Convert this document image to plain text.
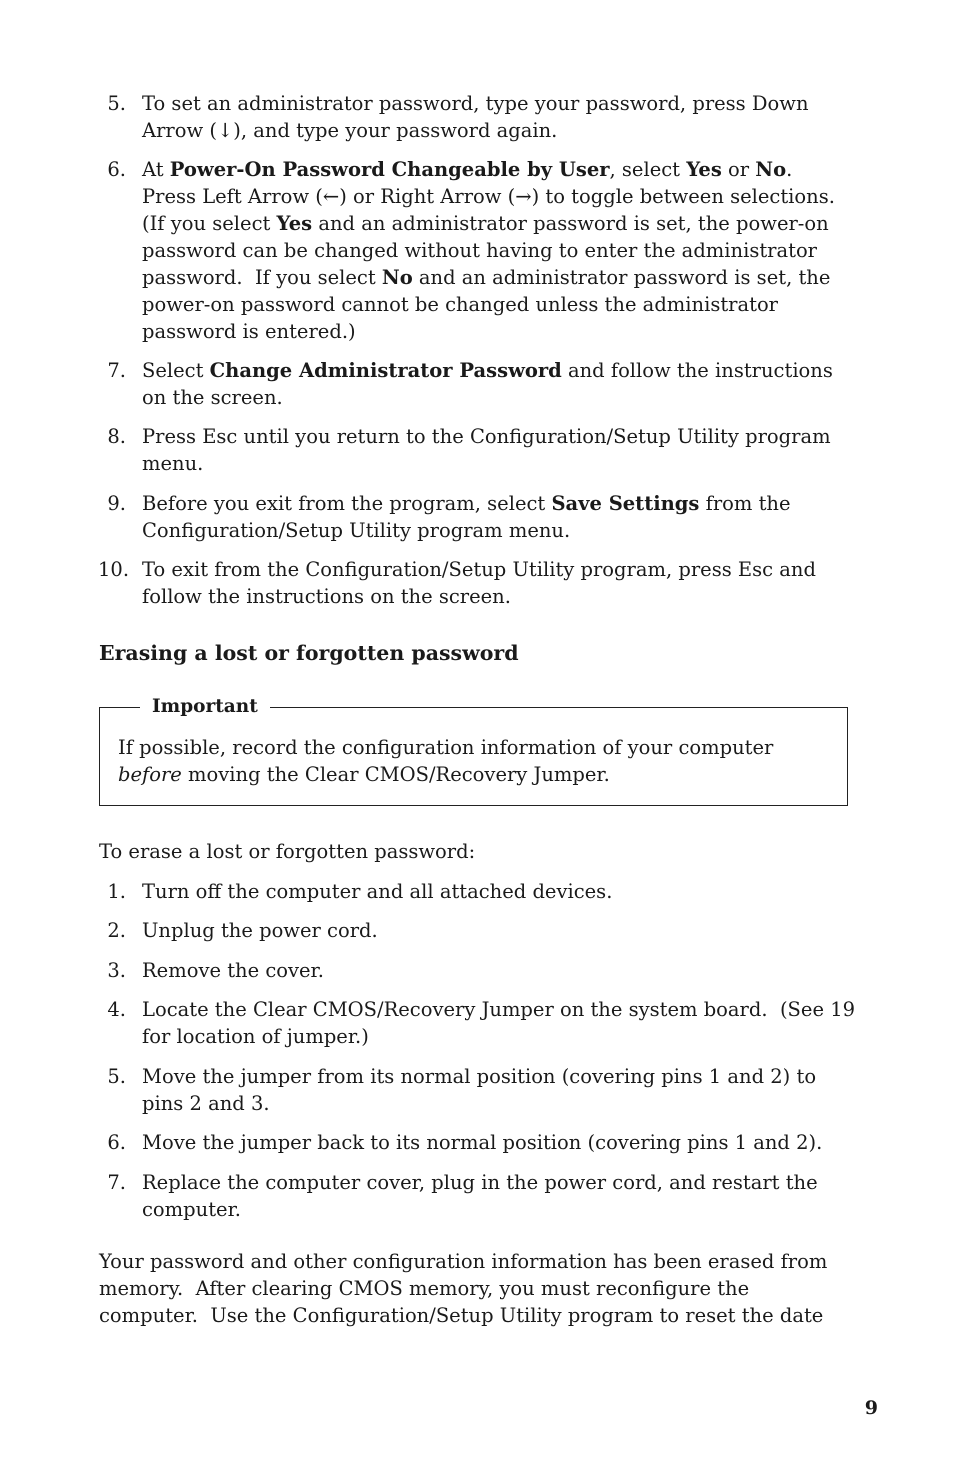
5. To set an administrator password, type your password, press Down Arrow (↓), and type your password again.
6. At Power-On Password Changeable by User, select Yes or No.  Press Left Arrow (←) or Right Arrow (→) to toggle between selections.  (If you select Yes and an administrator password is set, the power-on password can be changed without having to enter the administrator password.  If you select No and an administrator password is set, the power-on password cannot be changed unless the administrator password is entered.)
7. Select Change Administrator Password and follow the instructions on the screen.
8. Press Esc until you return to the Configuration/Setup Utility program menu.
9. Before you exit from the program, select Save Settings from the Configuration/Setup Utility program menu.
10. To exit from the Configuration/Setup Utility program, press Esc and follow the instructions on the screen.
Erasing a lost or forgotten password
Important
If possible, record the configuration information of your computer before moving the Clear CMOS/Recovery Jumper.
To erase a lost or forgotten password:
1. Turn off the computer and all attached devices.
2. Unplug the power cord.
3. Remove the cover.
4. Locate the Clear CMOS/Recovery Jumper on the system board.  (See 19 for location of jumper.)
5. Move the jumper from its normal position (covering pins 1 and 2) to pins 2 and 3.
6. Move the jumper back to its normal position (covering pins 1 and 2).
7. Replace the computer cover, plug in the power cord, and restart the computer.
Your password and other configuration information has been erased from memory.  After clearing CMOS memory, you must reconfigure the computer.  Use the Configuration/Setup Utility program to reset the date
9
